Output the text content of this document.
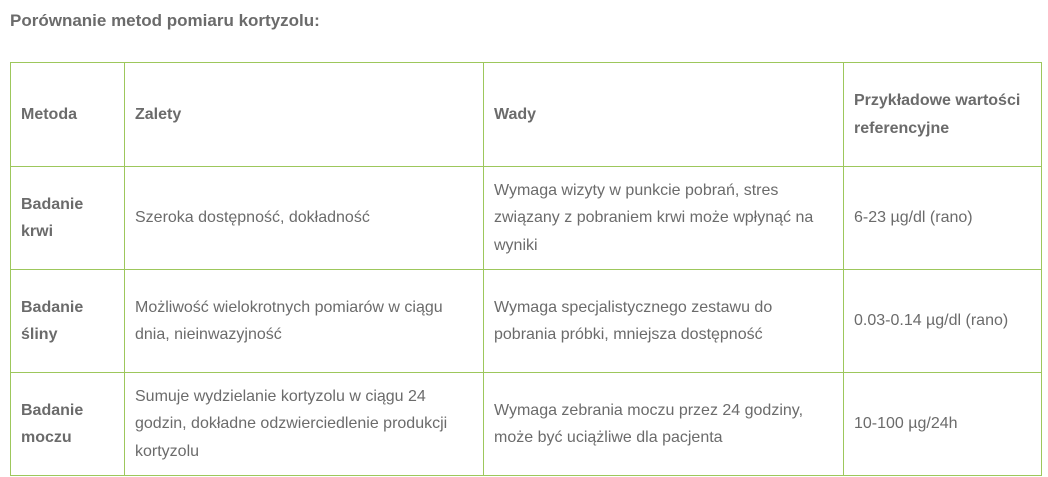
Porównanie metod pomiaru kortyzolu:
Metoda	Zalety	Wady	Przykładowe wartości referencyjne
Badanie krwi	Szeroka dostępność, dokładność	Wymaga wizyty w punkcie pobrań, stres związany z pobraniem krwi może wpłynąć na wyniki	6-23 µg/dl (rano)
Badanie śliny	Możliwość wielokrotnych pomiarów w ciągu dnia, nieinwazyjność	Wymaga specjalistycznego zestawu do pobrania próbki, mniejsza dostępność	0.03-0.14 µg/dl (rano)
Badanie moczu	Sumuje wydzielanie kortyzolu w ciągu 24 godzin, dokładne odzwierciedlenie produkcji kortyzolu	Wymaga zebrania moczu przez 24 godziny, może być uciążliwe dla pacjenta	10-100 µg/24h
